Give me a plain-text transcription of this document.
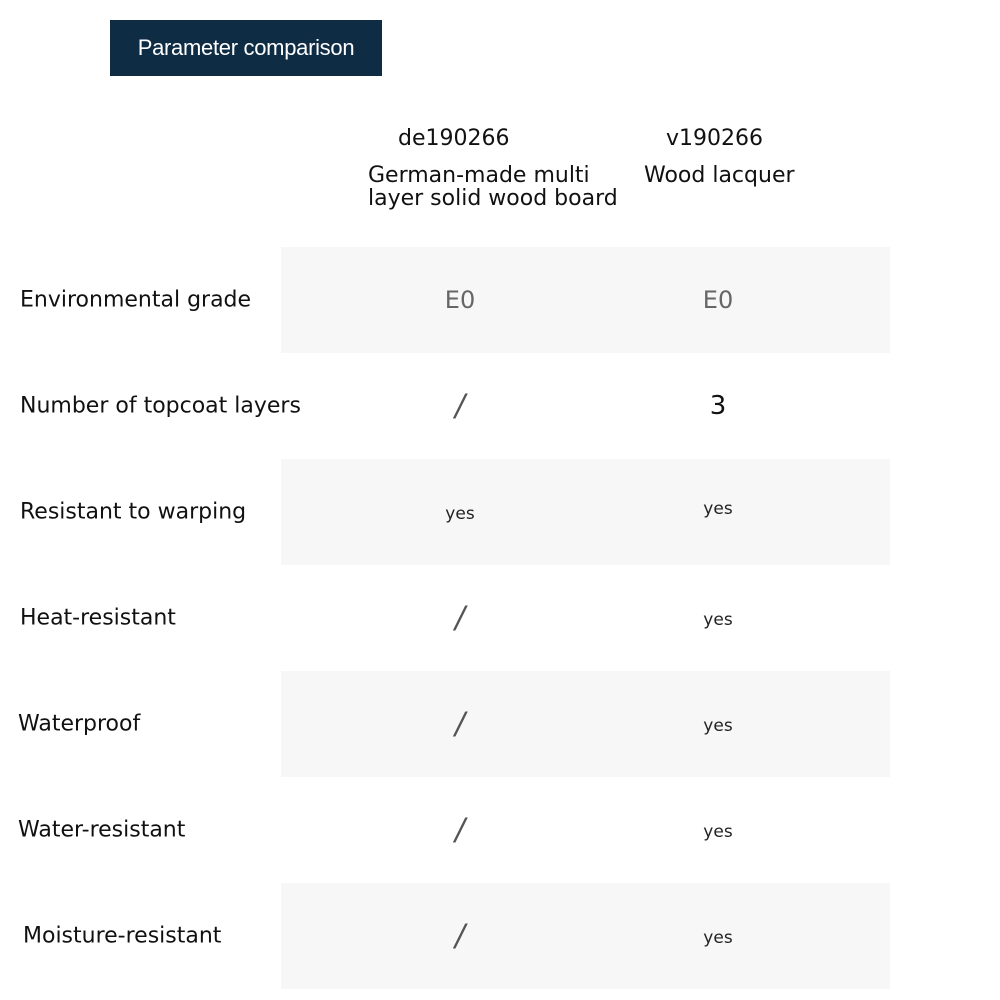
Parameter comparison
de190266
German-made multi layer solid wood board
v190266
Wood lacquer
Environmental grade	E0	E0
Number of topcoat layers	/	3
Resistant to warping	yes	yes
Heat-resistant	/	yes
Waterproof	/	yes
Water-resistant	/	yes
Moisture-resistant	/	yes
